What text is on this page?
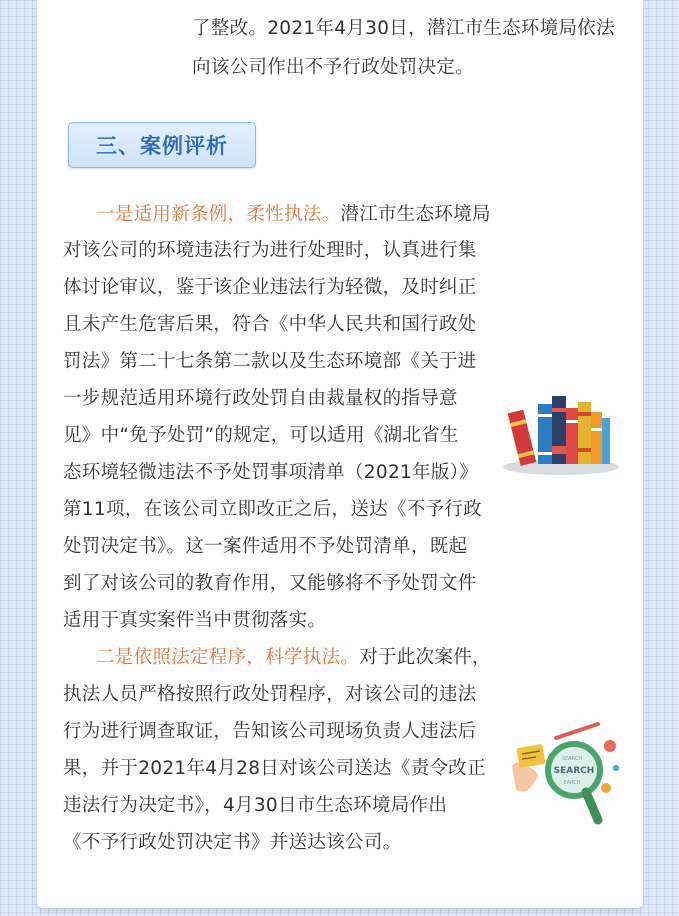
了整改。2021年4月30日，潜江市生态环境局依法
向该公司作出不予行政处罚决定。
三、案例评析
一是适用新条例，柔性执法。潜江市生态环境局
对该公司的环境违法行为进行处理时，认真进行集
体讨论审议，鉴于该企业违法行为轻微，及时纠正
且未产生危害后果，符合《中华人民共和国行政处
罚法》第二十七条第二款以及生态环境部《关于进
一步规范适用环境行政处罚自由裁量权的指导意
见》中“免予处罚”的规定，可以适用《湖北省生
态环境轻微违法不予处罚事项清单（2021年版）》
第11项，在该公司立即改正之后，送达《不予行政
处罚决定书》。这一案件适用不予处罚清单，既起
到了对该公司的教育作用，又能够将不予处罚文件
适用于真实案件当中贯彻落实。
二是依照法定程序，科学执法。对于此次案件，
执法人员严格按照行政处罚程序，对该公司的违法
行为进行调查取证，告知该公司现场负责人违法后
果，并于2021年4月28日对该公司送达《责令改正
违法行为决定书》，4月30日市生态环境局作出
《不予行政处罚决定书》并送达该公司。
SEARCH
SEARCH
EARCH
